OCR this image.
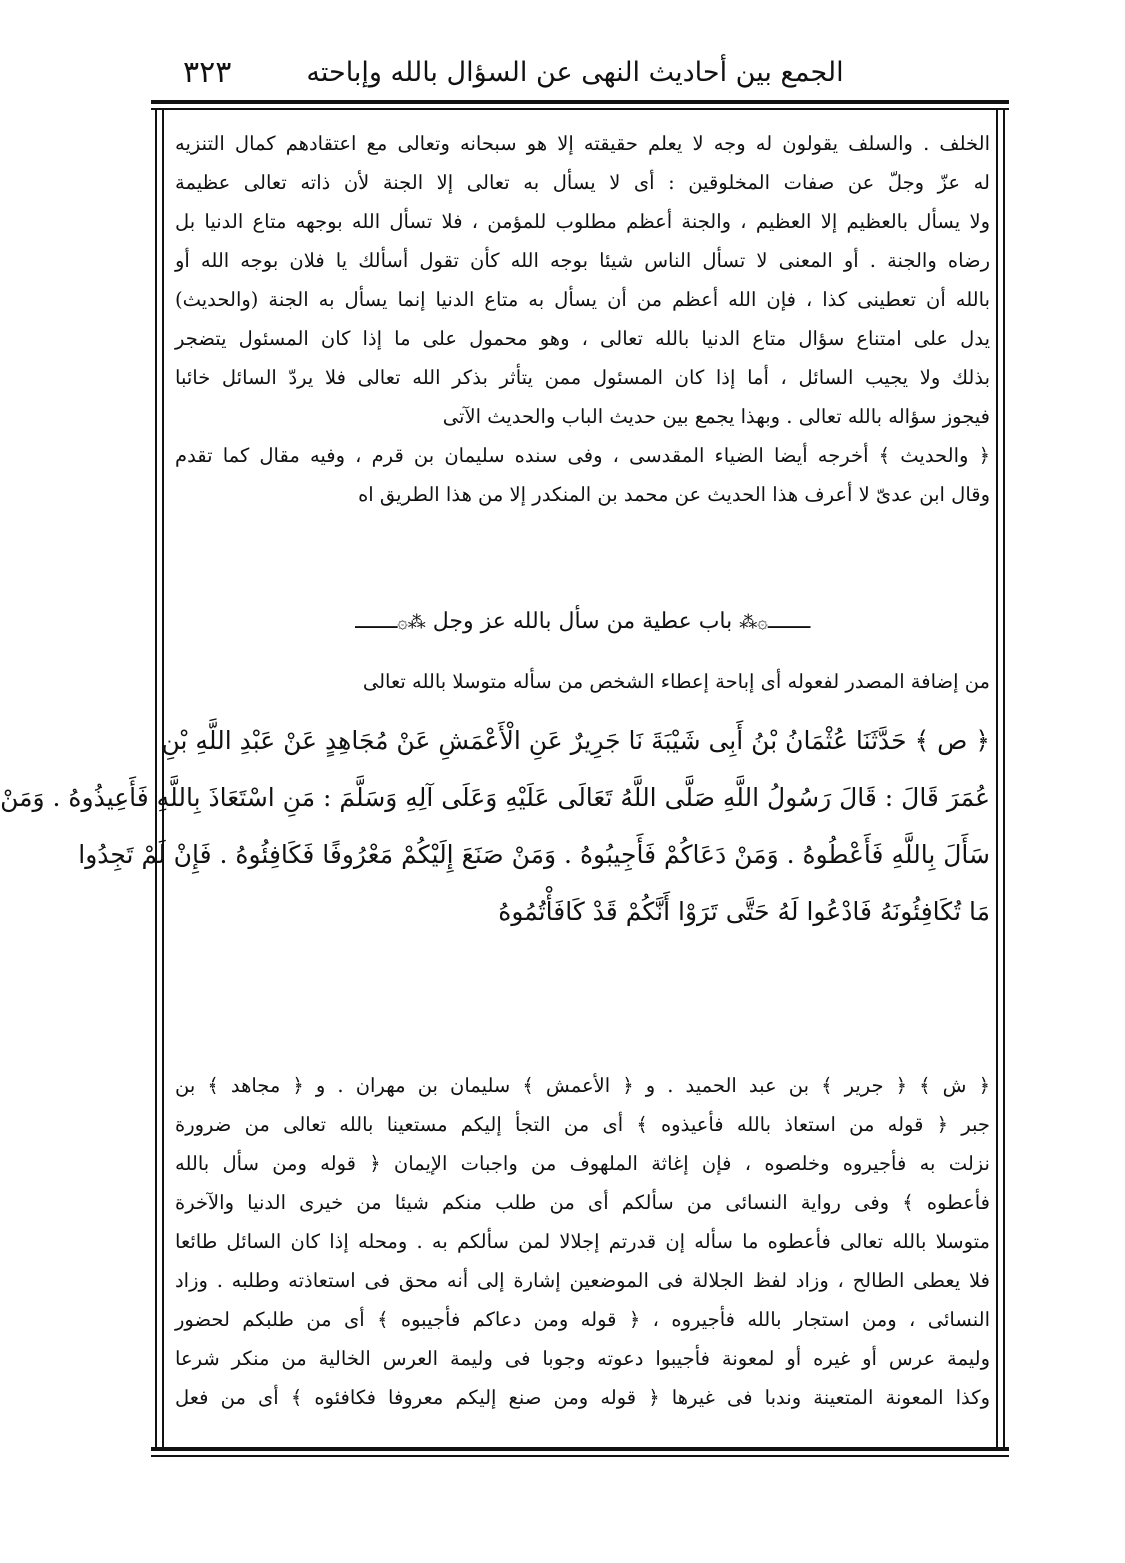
الجمع بين أحاديث النهى عن السؤال بالله وإباحته
٣٢٣
الخلف . والسلف يقولون له وجه لا يعلم حقيقته إلا هو سبحانه وتعالى مع اعتقادهم كمال التنزيه
له عزّ وجلّ عن صفات المخلوقين : أى لا يسأل به تعالى إلا الجنة لأن ذاته تعالى عظيمة
ولا يسأل بالعظيم إلا العظيم ، والجنة أعظم مطلوب للمؤمن ، فلا تسأل الله بوجهه متاع الدنيا بل
رضاه والجنة . أو المعنى لا تسأل الناس شيئا بوجه الله كأن تقول أسألك يا فلان بوجه الله أو
بالله أن تعطينى كذا ، فإن الله أعظم من أن يسأل به متاع الدنيا إنما يسأل به الجنة (والحديث)
يدل على امتناع سؤال متاع الدنيا بالله تعالى ، وهو محمول على ما إذا كان المسئول يتضجر
بذلك ولا يجيب السائل ، أما إذا كان المسئول ممن يتأثر بذكر الله تعالى فلا يردّ السائل خائبا
فيجوز سؤاله بالله تعالى . وبهذا يجمع بين حديث الباب والحديث الآتى
﴿ والحديث ﴾ أخرجه أيضا الضياء المقدسى ، وفى سنده سليمان بن قرم ، وفيه مقال كما تقدم
وقال ابن عدىّ لا أعرف هذا الحديث عن محمد بن المنكدر إلا من هذا الطريق اه
ــــ۞⁂ باب عطية من سأل بالله عز وجل ⁂۞ــــ
من إضافة المصدر لفعوله أى إباحة إعطاء الشخص من سأله متوسلا بالله تعالى
﴿ ص ﴾ حَدَّثَنَا عُثْمَانُ بْنُ أَبِى شَيْبَةَ نَا جَرِيرٌ عَنِ الْأَعْمَشِ عَنْ مُجَاهِدٍ عَنْ عَبْدِ اللَّهِ بْنِ
عُمَرَ قَالَ : قَالَ رَسُولُ اللَّهِ صَلَّى اللَّهُ تَعَالَى عَلَيْهِ وَعَلَى آلِهِ وَسَلَّمَ : مَنِ اسْتَعَاذَ بِاللَّهِ فَأَعِيذُوهُ . وَمَنْ
سَأَلَ بِاللَّهِ فَأَعْطُوهُ . وَمَنْ دَعَاكُمْ فَأَجِيبُوهُ . وَمَنْ صَنَعَ إِلَيْكُمْ مَعْرُوفًا فَكَافِئُوهُ . فَإِنْ لَمْ تَجِدُوا
مَا تُكَافِئُونَهُ فَادْعُوا لَهُ حَتَّى تَرَوْا أَنَّكُمْ قَدْ كَافَأْتُمُوهُ
﴿ ش ﴾ ﴿ جرير ﴾ بن عبد الحميد . و ﴿ الأعمش ﴾ سليمان بن مهران . و ﴿ مجاهد ﴾ بن
جبر ﴿ قوله من استعاذ بالله فأعيذوه ﴾ أى من التجأ إليكم مستعينا بالله تعالى من ضرورة
نزلت به فأجيروه وخلصوه ، فإن إغاثة الملهوف من واجبات الإيمان ﴿ قوله ومن سأل بالله
فأعطوه ﴾ وفى رواية النسائى من سألكم أى من طلب منكم شيئا من خيرى الدنيا والآخرة
متوسلا بالله تعالى فأعطوه ما سأله إن قدرتم إجلالا لمن سألكم به . ومحله إذا كان السائل طائعا
فلا يعطى الطالح ، وزاد لفظ الجلالة فى الموضعين إشارة إلى أنه محق فى استعاذته وطلبه . وزاد
النسائى ، ومن استجار بالله فأجيروه ، ﴿ قوله ومن دعاكم فأجيبوه ﴾ أى من طلبكم لحضور
وليمة عرس أو غيره أو لمعونة فأجيبوا دعوته وجوبا فى وليمة العرس الخالية من منكر شرعا
وكذا المعونة المتعينة وندبا فى غيرها ﴿ قوله ومن صنع إليكم معروفا فكافئوه ﴾ أى من فعل
